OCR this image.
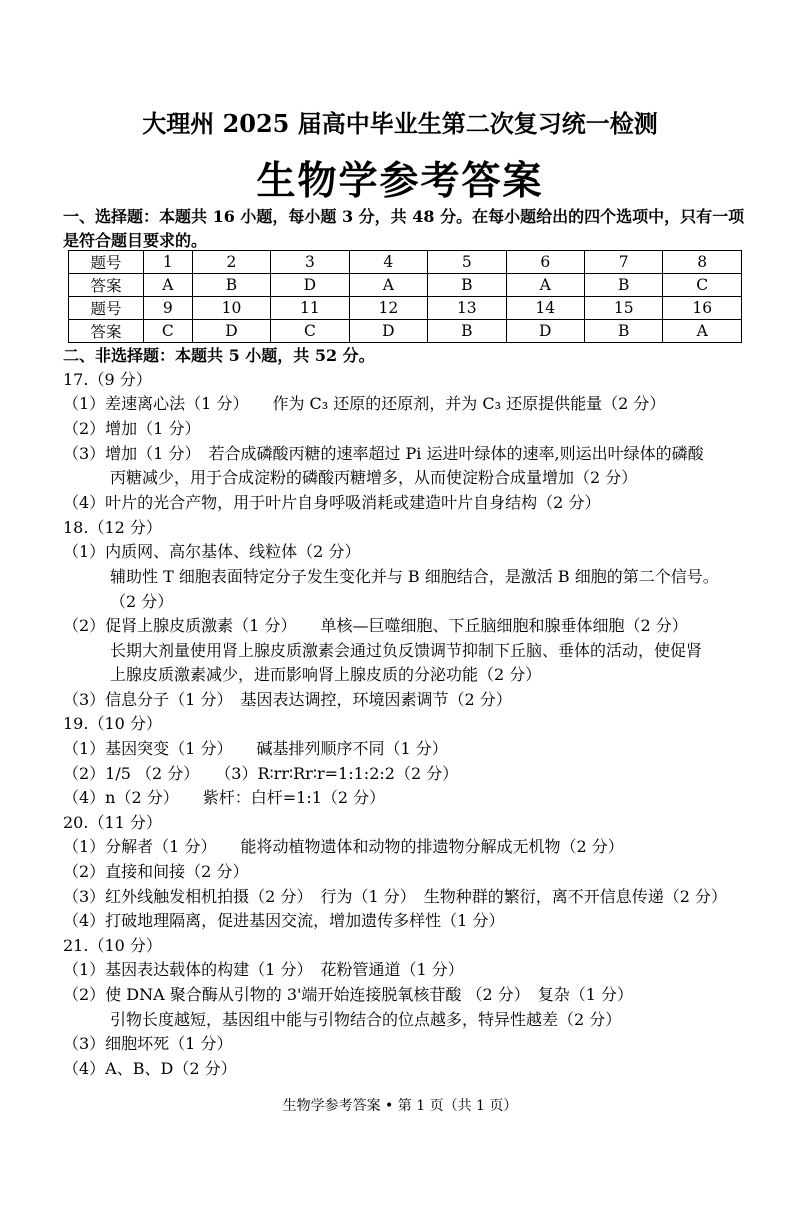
大理州 2025 届高中毕业生第二次复习统一检测
生物学参考答案
一、选择题：本题共 16 小题，每小题 3 分，共 48 分。在每小题给出的四个选项中，只有一项是符合题目要求的。
题号	1	2	3	4	5	6	7	8
答案	A	B	D	A	B	A	B	C
题号	9	10	11	12	13	14	15	16
答案	C	D	C	D	B	D	B	A
二、非选择题：本题共 5 小题，共 52 分。
17.（9 分）
（1）差速离心法（1 分）　　作为 C₃ 还原的还原剂，并为 C₃ 还原提供能量（2 分）
（2）增加（1 分）
（3）增加（1 分）　若合成磷酸丙糖的速率超过 Pi 运进叶绿体的速率,则运出叶绿体的磷酸
丙糖减少，用于合成淀粉的磷酸丙糖增多，从而使淀粉合成量增加（2 分）
（4）叶片的光合产物，用于叶片自身呼吸消耗或建造叶片自身结构（2 分）
18.（12 分）
（1）内质网、高尔基体、线粒体（2 分）
辅助性 T 细胞表面特定分子发生变化并与 B 细胞结合，是激活 B 细胞的第二个信号。
（2 分）
（2）促肾上腺皮质激素（1 分）　　单核—巨噬细胞、下丘脑细胞和腺垂体细胞（2 分）
长期大剂量使用肾上腺皮质激素会通过负反馈调节抑制下丘脑、垂体的活动，使促肾
上腺皮质激素减少，进而影响肾上腺皮质的分泌功能（2 分）
（3）信息分子（1 分）　基因表达调控，环境因素调节（2 分）
19.（10 分）
（1）基因突变（1 分）　　碱基排列顺序不同（1 分）
（2）1/5 （2 分）　　（3）R∶rr∶Rr∶r=1:1:2:2（2 分）
（4）n（2 分）　　紫杆：白杆=1:1（2 分）
20.（11 分）
（1）分解者（1 分）　　能将动植物遗体和动物的排遗物分解成无机物（2 分）
（2）直接和间接（2 分）
（3）红外线触发相机拍摄（2 分）　行为（1 分）　生物种群的繁衍，离不开信息传递（2 分）
（4）打破地理隔离，促进基因交流，增加遗传多样性（1 分）
21.（10 分）
（1）基因表达载体的构建（1 分）　花粉管通道（1 分）
（2）使 DNA 聚合酶从引物的 3'端开始连接脱氧核苷酸 （2 分）　复杂（1 分）
引物长度越短，基因组中能与引物结合的位点越多，特异性越差（2 分）
（3）细胞坏死（1 分）
（4）A、B、D（2 分）
生物学参考答案 • 第 1 页（共 1 页）
